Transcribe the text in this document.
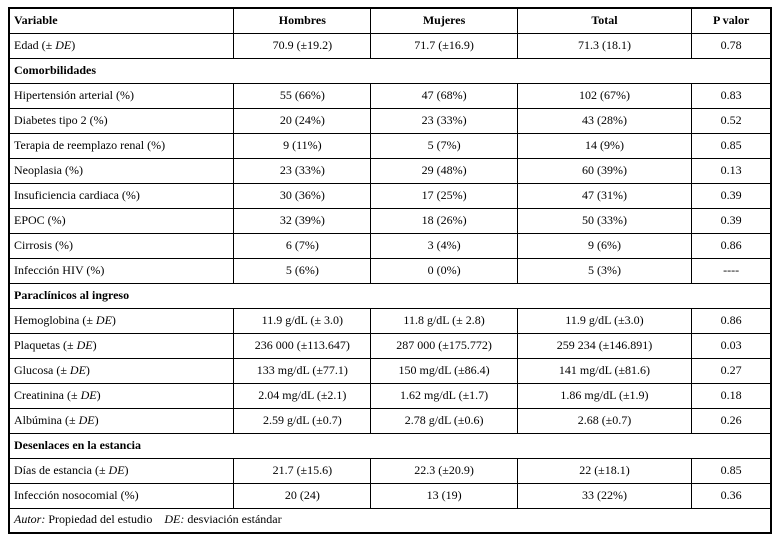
Variable	Hombres	Mujeres	Total	P valor
Edad (± DE)	70.9 (±19.2)	71.7 (±16.9)	71.3 (18.1)	0.78
Comorbilidades				
Hipertensión arterial (%)	55 (66%)	47 (68%)	102 (67%)	0.83
Diabetes tipo 2 (%)	20 (24%)	23 (33%)	43 (28%)	0.52
Terapia de reemplazo renal (%)	9 (11%)	5 (7%)	14 (9%)	0.85
Neoplasia (%)	23 (33%)	29 (48%)	60 (39%)	0.13
Insuficiencia cardiaca (%)	30 (36%)	17 (25%)	47 (31%)	0.39
EPOC (%)	32 (39%)	18 (26%)	50 (33%)	0.39
Cirrosis (%)	6 (7%)	3 (4%)	9 (6%)	0.86
Infección HIV (%)	5 (6%)	0 (0%)	5 (3%)	----
Paraclínicos al ingreso				
Hemoglobina (± DE)	11.9 g/dL (± 3.0)	11.8 g/dL (± 2.8)	11.9 g/dL (±3.0)	0.86
Plaquetas (± DE)	236 000 (±113.647)	287 000 (±175.772)	259 234 (±146.891)	0.03
Glucosa (± DE)	133 mg/dL (±77.1)	150 mg/dL (±86.4)	141 mg/dL (±81.6)	0.27
Creatinina (± DE)	2.04 mg/dL (±2.1)	1.62 mg/dL (±1.7)	1.86 mg/dL (±1.9)	0.18
Albúmina (± DE)	2.59 g/dL (±0.7)	2.78 g/dL (±0.6)	2.68 (±0.7)	0.26
Desenlaces en la estancia				
Días de estancia (± DE)	21.7 (±15.6)	22.3 (±20.9)	22 (±18.1)	0.85
Infección nosocomial (%)	20 (24)	13 (19)	33 (22%)	0.36
Autor: Propiedad del estudio DE: desviación estándar				
